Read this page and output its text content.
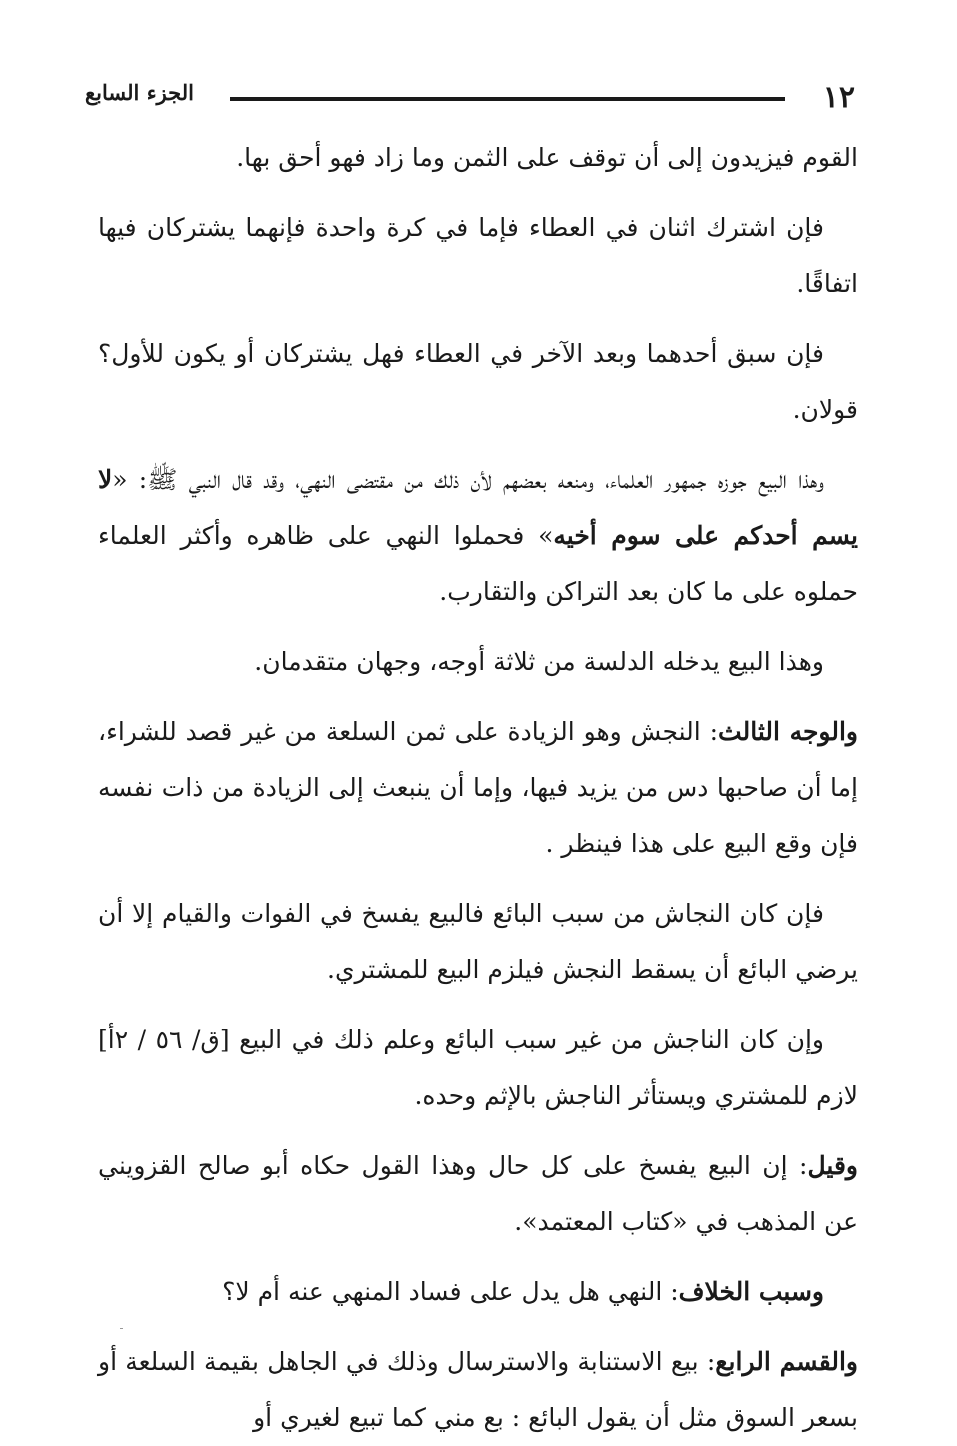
١٢
الجزء السابع

القوم فيزيدون إلى أن توقف على الثمن وما زاد فهو أحق بها.

فإن اشترك اثنان في العطاء فإما في كرة واحدة فإنهما يشتركان فيها اتفاقًا.

فإن سبق أحدهما وبعد الآخر في العطاء فهل يشتركان أو يكون للأول؟ قولان.

وهذا البيع جوزه جمهور العلماء، ومنعه بعضهم لأن ذلك من مقتضى النهي، وقد قال النبي ﷺ: «لا يسم أحدكم على سوم أخيه» فحملوا النهي على ظاهره وأكثر العلماء حملوه على ما كان بعد التراكن والتقارب.

وهذا البيع يدخله الدلسة من ثلاثة أوجه، وجهان متقدمان.

والوجه الثالث: النجش وهو الزيادة على ثمن السلعة من غير قصد للشراء، إما أن صاحبها دس من يزيد فيها، وإما أن ينبعث إلى الزيادة من ذات نفسه فإن وقع البيع على هذا فينظر .

فإن كان النجاش من سبب البائع فالبيع يفسخ في الفوات والقيام إلا أن يرضي البائع أن يسقط النجش فيلزم البيع للمشتري.

وإن كان الناجش من غير سبب البائع وعلم ذلك في البيع [ق/ ٥٦ / ٢أ] لازم للمشتري ويستأثر الناجش بالإثم وحده.

وقيل: إن البيع يفسخ على كل حال وهذا القول حكاه أبو صالح القزويني عن المذهب في «كتاب المعتمد».

وسبب الخلاف: النهي هل يدل على فساد المنهي عنه أم لا؟

والقسم الرابع: بيع الاستنابة والاسترسال وذلك في الجاهل بقيمة السلعة أو بسعر السوق مثل أن يقول البائع : بع مني كما تبيع لغيري أو
